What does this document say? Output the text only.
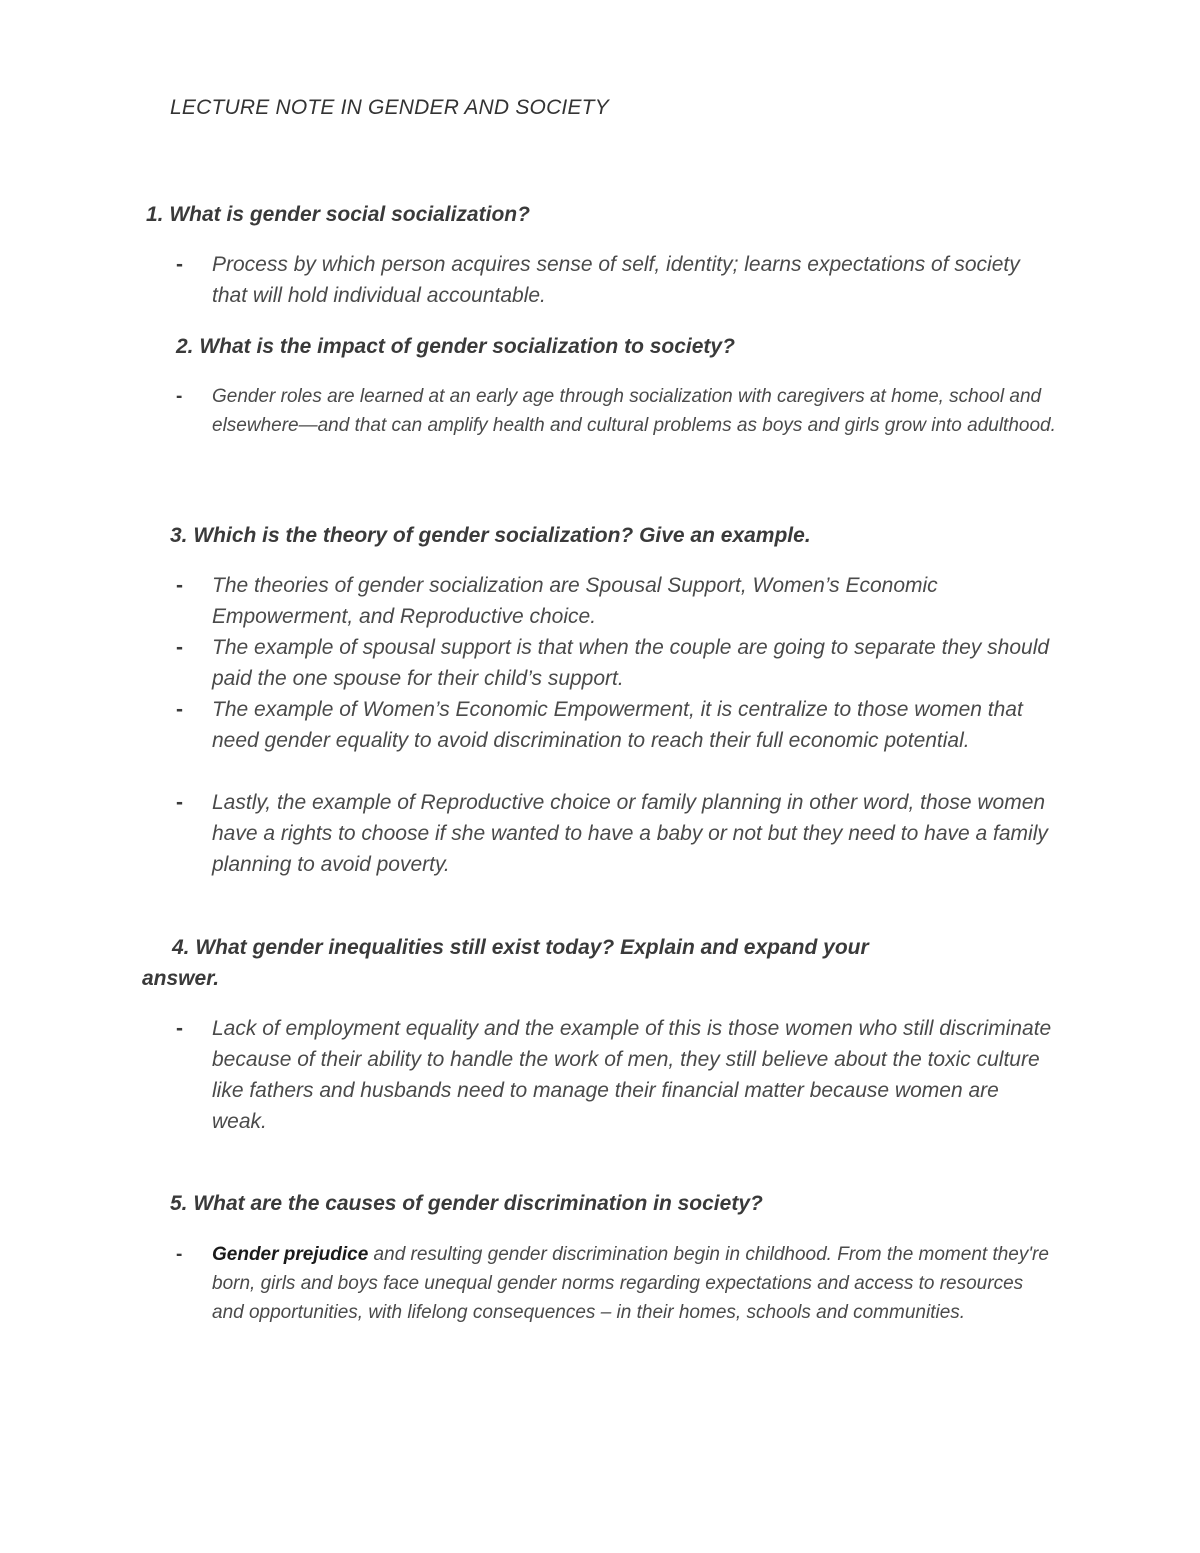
LECTURE NOTE IN GENDER AND SOCIETY
1. What is gender social socialization?
- Process by which person acquires sense of self, identity; learns expectations of society that will hold individual accountable.
2. What is the impact of gender socialization to society?
- Gender roles are learned at an early age through socialization with caregivers at home, school and elsewhere—and that can amplify health and cultural problems as boys and girls grow into adulthood.
3. Which is the theory of gender socialization? Give an example.
- The theories of gender socialization are Spousal Support, Women’s Economic Empowerment, and Reproductive choice.
- The example of spousal support is that when the couple are going to separate they should paid the one spouse for their child’s support.
- The example of Women’s Economic Empowerment, it is centralize to those women that need gender equality to avoid discrimination to reach their full economic potential.
- Lastly, the example of Reproductive choice or family planning in other word, those women have a rights to choose if she wanted to have a baby or not but they need to have a family planning to avoid poverty.
4. What gender inequalities still exist today? Explain and expand your
answer.
- Lack of employment equality and the example of this is those women who still discriminate because of their ability to handle the work of men, they still believe about the toxic culture like fathers and husbands need to manage their financial matter because women are weak.
5. What are the causes of gender discrimination in society?
- Gender prejudice and resulting gender discrimination begin in childhood. From the moment they're born, girls and boys face unequal gender norms regarding expectations and access to resources and opportunities, with lifelong consequences – in their homes, schools and communities.
